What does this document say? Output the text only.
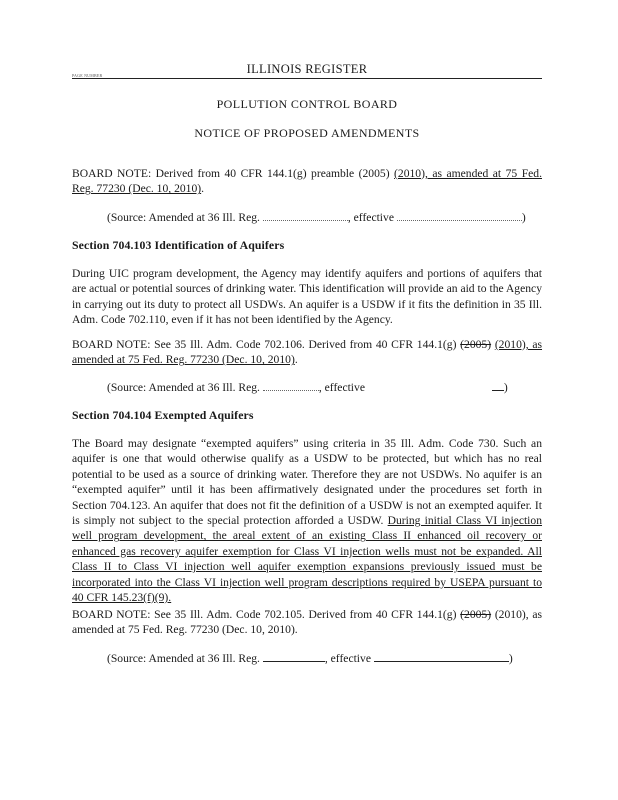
PAGE NUMBER	ILLINOIS REGISTER
POLLUTION CONTROL BOARD
NOTICE OF PROPOSED AMENDMENTS
BOARD NOTE: Derived from 40 CFR 144.1(g) preamble (2005) (2010), as amended at 75 Fed. Reg. 77230 (Dec. 10, 2010).
(Source: Amended at 36 Ill. Reg.	, effective	)
Section 704.103 Identification of Aquifers
During UIC program development, the Agency may identify aquifers and portions of aquifers that are actual or potential sources of drinking water. This identification will provide an aid to the Agency in carrying out its duty to protect all USDWs. An aquifer is a USDW if it fits the definition in 35 Ill. Adm. Code 702.110, even if it has not been identified by the Agency.
BOARD NOTE: See 35 Ill. Adm. Code 702.106. Derived from 40 CFR 144.1(g) (2005) (2010), as amended at 75 Fed. Reg. 77230 (Dec. 10, 2010).
(Source: Amended at 36 Ill. Reg.	, effective	)
Section 704.104 Exempted Aquifers
The Board may designate “exempted aquifers” using criteria in 35 Ill. Adm. Code 730. Such an aquifer is one that would otherwise qualify as a USDW to be protected, but which has no real potential to be used as a source of drinking water. Therefore they are not USDWs. No aquifer is an “exempted aquifer” until it has been affirmatively designated under the procedures set forth in Section 704.123. An aquifer that does not fit the definition of a USDW is not an exempted aquifer. It is simply not subject to the special protection afforded a USDW. During initial Class VI injection well program development, the areal extent of an existing Class II enhanced oil recovery or enhanced gas recovery aquifer exemption for Class VI injection wells must not be expanded. All Class II to Class VI injection well aquifer exemption expansions previously issued must be incorporated into the Class VI injection well program descriptions required by USEPA pursuant to 40 CFR 145.23(f)(9).
BOARD NOTE: See 35 Ill. Adm. Code 702.105. Derived from 40 CFR 144.1(g) (2005) (2010), as amended at 75 Fed. Reg. 77230 (Dec. 10, 2010).
(Source: Amended at 36 Ill. Reg.	, effective	)
